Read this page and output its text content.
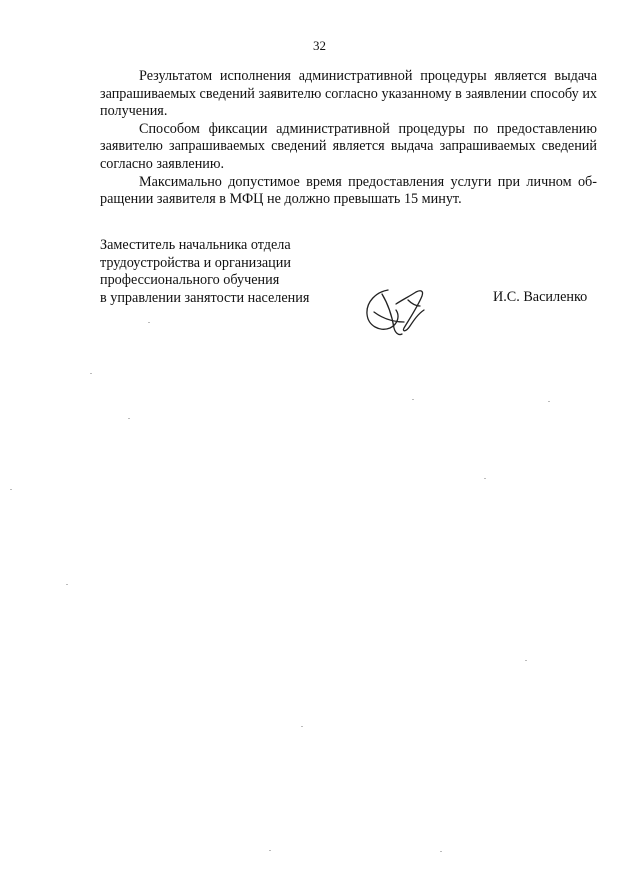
32

Результатом исполнения административной процедуры является выдача запрашиваемых сведений заявителю согласно указанному в заявлении способу их получения.

Способом фиксации административной процедуры по предоставлению заявителю запрашиваемых сведений является выдача запрашиваемых сведений согласно заявлению.

Максимально допустимое время предоставления услуги при личном об- ращении заявителя в МФЦ не должно превышать 15 минут.

Заместитель начальника отдела
трудоустройства и организации
профессионального обучения
в управлении занятости населения	И.С. Василенко
